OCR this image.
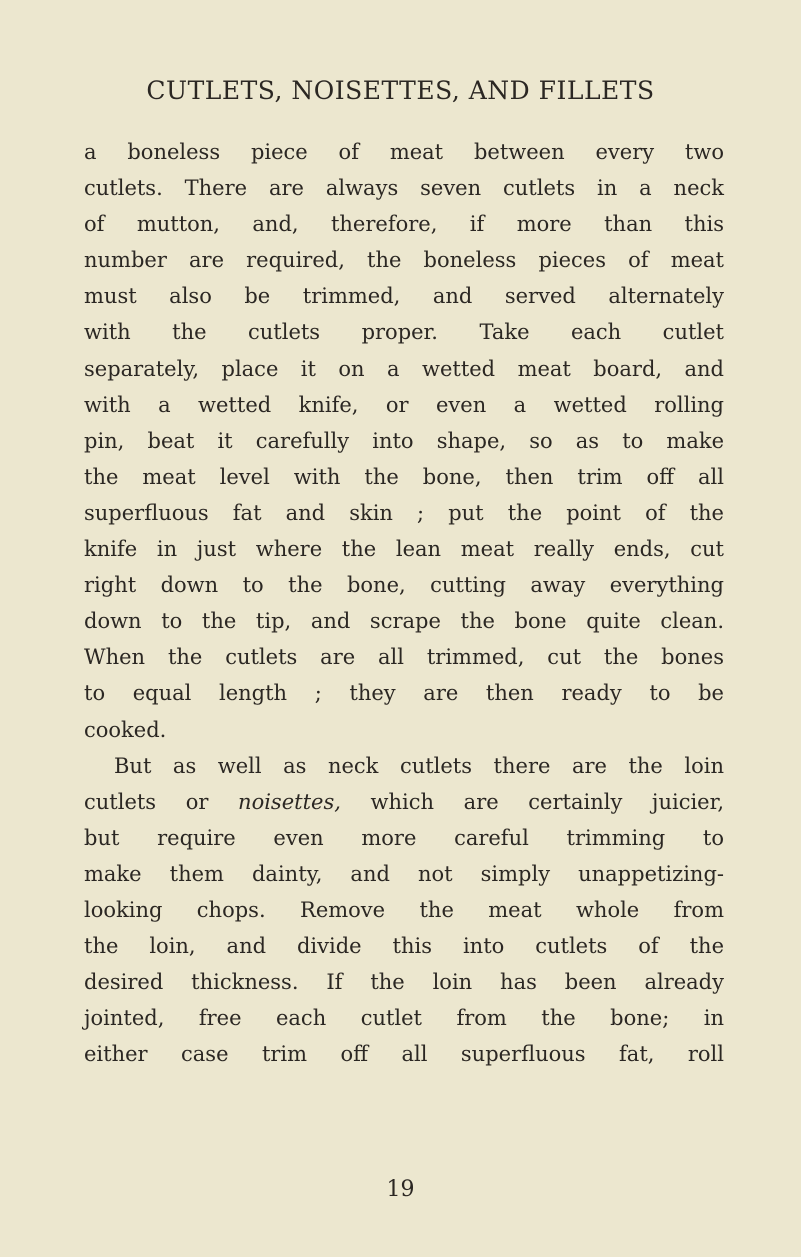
CUTLETS, NOISETTES, AND FILLETS
a boneless piece of meat between every two
cutlets. There are always seven cutlets in a neck
of mutton, and, therefore, if more than this
number are required, the boneless pieces of meat
must also be trimmed, and served alternately
with the cutlets proper. Take each cutlet
separately, place it on a wetted meat board, and
with a wetted knife, or even a wetted rolling
pin, beat it carefully into shape, so as to make
the meat level with the bone, then trim off all
superfluous fat and skin ; put the point of the
knife in just where the lean meat really ends, cut
right down to the bone, cutting away everything
down to the tip, and scrape the bone quite clean.
When the cutlets are all trimmed, cut the bones
to equal length ; they are then ready to be
cooked.
But as well as neck cutlets there are the loin
cutlets or noisettes, which are certainly juicier,
but require even more careful trimming to
make them dainty, and not simply unappetizing-
looking chops. Remove the meat whole from
the loin, and divide this into cutlets of the
desired thickness. If the loin has been already
jointed, free each cutlet from the bone; in
either case trim off all superfluous fat, roll
19
